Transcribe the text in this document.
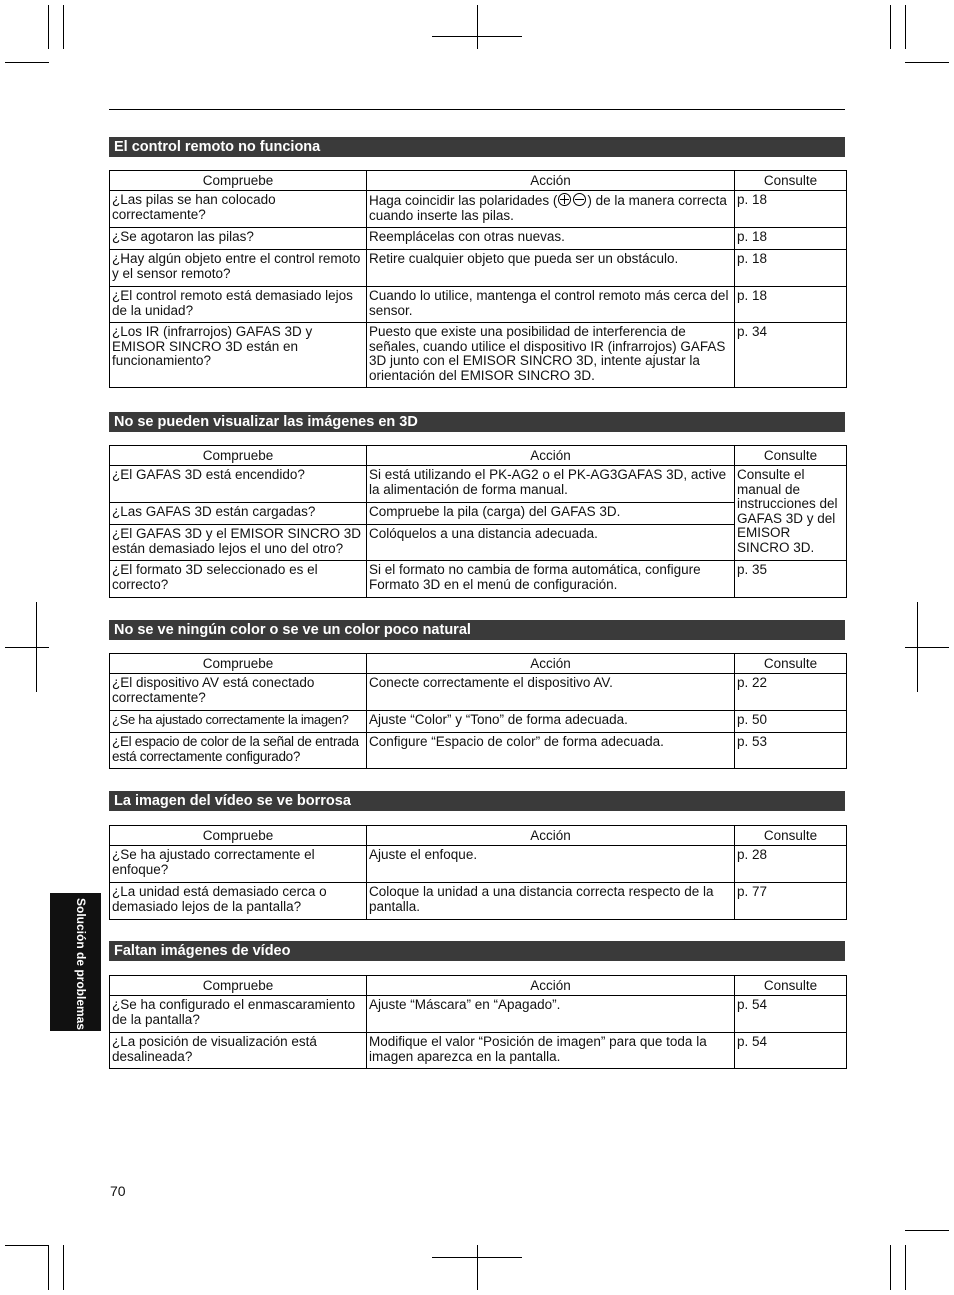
El control remoto no funciona
Compruebe	Acción	Consulte
¿Las pilas se han colocado correctamente?	Haga coincidir las polaridades ( ) de la manera correcta cuando inserte las pilas.	p. 18
¿Se agotaron las pilas?	Reemplácelas con otras nuevas.	p. 18
¿Hay algún objeto entre el control remoto y el sensor remoto?	Retire cualquier objeto que pueda ser un obstáculo.	p. 18
¿El control remoto está demasiado lejos de la unidad?	Cuando lo utilice, mantenga el control remoto más cerca del sensor.	p. 18
¿Los IR (infrarrojos) GAFAS 3D y EMISOR SINCRO 3D están en funcionamiento?	Puesto que existe una posibilidad de interferencia de señales, cuando utilice el dispositivo IR (infrarrojos) GAFAS 3D junto con el EMISOR SINCRO 3D, intente ajustar la orientación del EMISOR SINCRO 3D.	p. 34
No se pueden visualizar las imágenes en 3D
Compruebe	Acción	Consulte
¿El GAFAS 3D está encendido?	Si está utilizando el PK-AG2 o el PK-AG3GAFAS 3D, active la alimentación de forma manual.	Consulte el manual de instrucciones del GAFAS 3D y del EMISOR SINCRO 3D.
¿Las GAFAS 3D están cargadas?	Compruebe la pila (carga) del GAFAS 3D.	
¿El GAFAS 3D y el EMISOR SINCRO 3D están demasiado lejos el uno del otro?	Colóquelos a una distancia adecuada.	
¿El formato 3D seleccionado es el correcto?	Si el formato no cambia de forma automática, configure Formato 3D en el menú de configuración.	p. 35
No se ve ningún color o se ve un color poco natural
Compruebe	Acción	Consulte
¿El dispositivo AV está conectado correctamente?	Conecte correctamente el dispositivo AV.	p. 22
¿Se ha ajustado correctamente la imagen?	Ajuste “Color” y “Tono” de forma adecuada.	p. 50
¿El espacio de color de la señal de entrada está correctamente configurado?	Configure “Espacio de color” de forma adecuada.	p. 53
La imagen del vídeo se ve borrosa
Compruebe	Acción	Consulte
¿Se ha ajustado correctamente el enfoque?	Ajuste el enfoque.	p. 28
¿La unidad está demasiado cerca o demasiado lejos de la pantalla?	Coloque la unidad a una distancia correcta respecto de la pantalla.	p. 77
Faltan imágenes de vídeo
Compruebe	Acción	Consulte
¿Se ha configurado el enmascaramiento de la pantalla?	Ajuste “Máscara” en “Apagado”.	p. 54
¿La posición de visualización está desalineada?	Modifique el valor “Posición de imagen” para que toda la imagen aparezca en la pantalla.	p. 54
Solución de problemas
70
